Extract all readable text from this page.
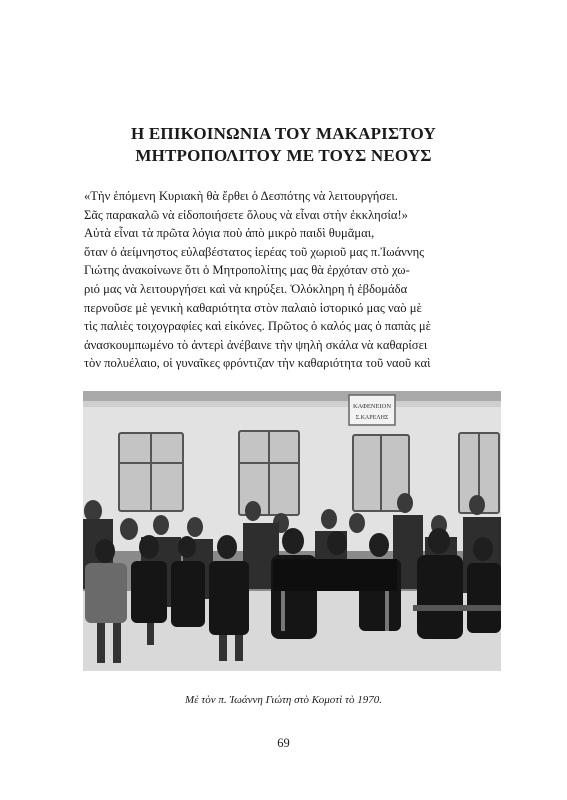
Η ΕΠΙΚΟΙΝΩΝΙΑ ΤΟΥ ΜΑΚΑΡΙΣΤΟΥ
ΜΗΤΡΟΠΟΛΙΤΟΥ ΜΕ ΤΟΥΣ ΝΕΟΥΣ
«Τὴν ἑπόμενη Κυριακὴ θὰ ἔρθει ὁ Δεσπότης νὰ λειτουργήσει.
Σᾶς παρακαλῶ νὰ εἰδοποιήσετε ὅλους νὰ εἶναι στὴν ἐκκλησία!»
Αὐτὰ εἶναι τὰ πρῶτα λόγια ποὺ ἀπὸ μικρὸ παιδὶ θυμᾶμαι,
ὅταν ὁ ἀείμνηστος εὐλαβέστατος ἱερέας τοῦ χωριοῦ μας π.Ἰωάννης
Γιώτης ἀνακοίνωνε ὅτι ὁ Μητροπολίτης μας θὰ ἐρχόταν στὸ χω-
ριό μας νὰ λειτουργήσει καὶ νὰ κηρύξει. Ὁλόκληρη ἡ ἑβδομάδα
περνοῦσε μὲ γενικὴ καθαριότητα στὸν παλαιὸ ἱστορικό μας ναὸ μὲ
τὶς παλιὲς τοιχογραφίες καὶ εἰκόνες. Πρῶτος ὁ καλός μας ὁ παπὰς μὲ
ἀνασκουμπωμένο τὸ ἀντερὶ ἀνέβαινε τὴν ψηλὴ σκάλα νὰ καθαρίσει
τὸν πολυέλαιο, οἱ γυναῖκες φρόντιζαν τὴν καθαριότητα τοῦ ναοῦ καὶ
ΚΑΦΕΝΕΙΟΝ
Σ.ΚΑΡΕΛΗΣ
Μὲ τὸν π. Ἰωάννη Γιώτη στὸ Κομοτὶ τὸ 1970.
69
